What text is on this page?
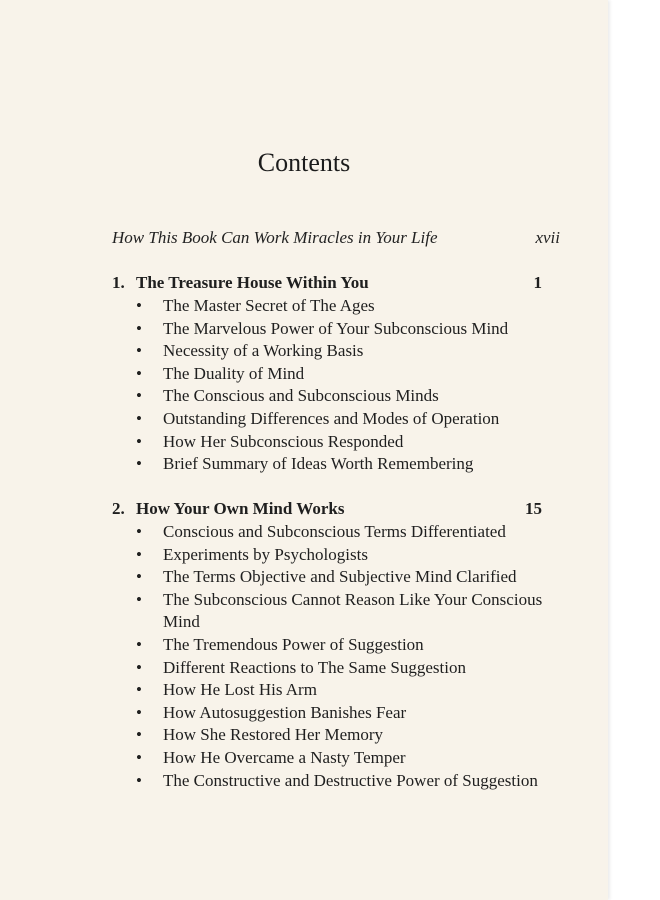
Contents
How This Book Can Work Miracles in Your Life	xvii
1. The Treasure House Within You	1
• The Master Secret of The Ages
• The Marvelous Power of Your Subconscious Mind
• Necessity of a Working Basis
• The Duality of Mind
• The Conscious and Subconscious Minds
• Outstanding Differences and Modes of Operation
• How Her Subconscious Responded
• Brief Summary of Ideas Worth Remembering
2. How Your Own Mind Works	15
• Conscious and Subconscious Terms Differentiated
• Experiments by Psychologists
• The Terms Objective and Subjective Mind Clarified
• The Subconscious Cannot Reason Like Your Conscious Mind
• The Tremendous Power of Suggestion
• Different Reactions to The Same Suggestion
• How He Lost His Arm
• How Autosuggestion Banishes Fear
• How She Restored Her Memory
• How He Overcame a Nasty Temper
• The Constructive and Destructive Power of Suggestion
